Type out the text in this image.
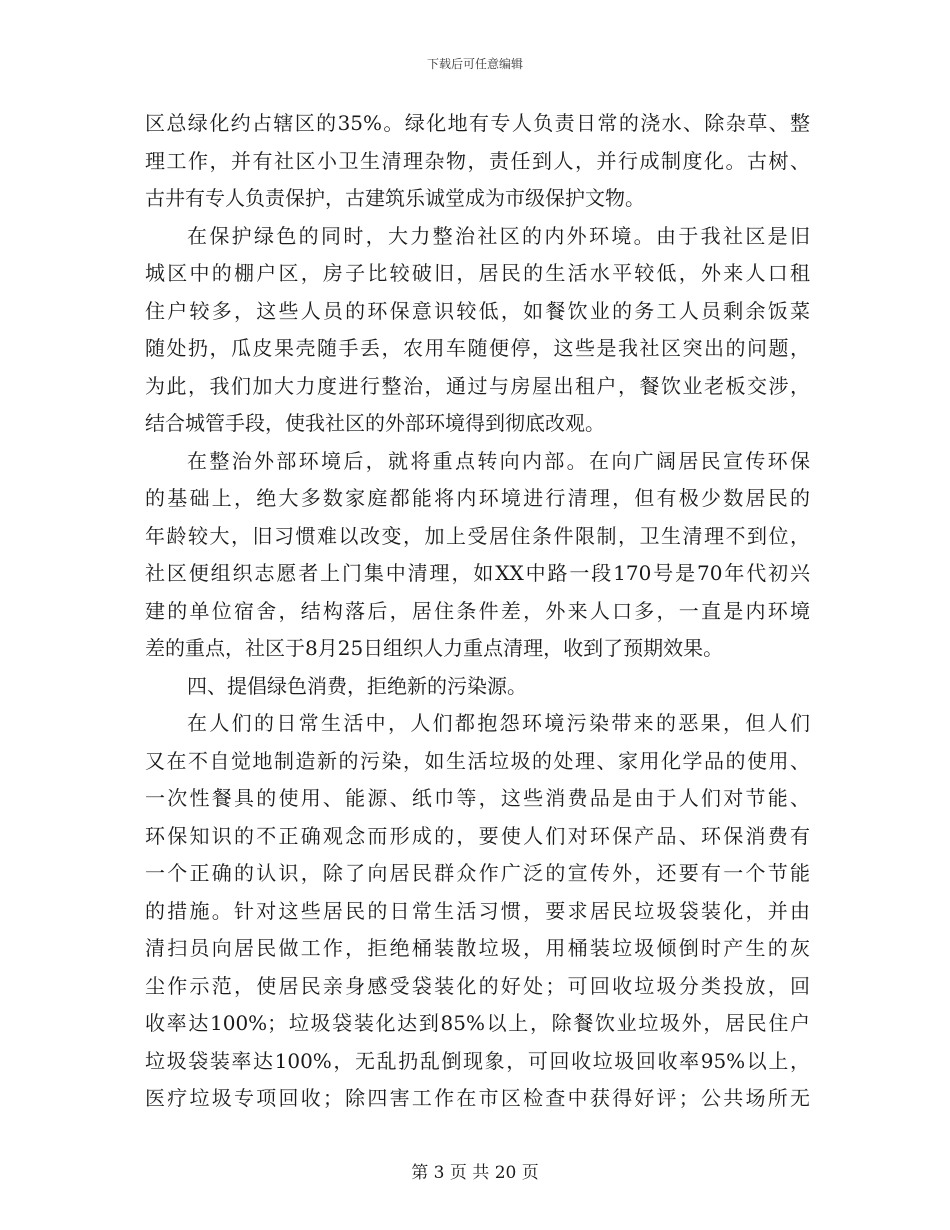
下载后可任意编辑
区总绿化约占辖区的35%。绿化地有专人负责日常的浇水、除杂草、整
理工作，并有社区小卫生清理杂物，责任到人，并行成制度化。古树、
古井有专人负责保护，古建筑乐诚堂成为市级保护文物。
在保护绿色的同时，大力整治社区的内外环境。由于我社区是旧
城区中的棚户区，房子比较破旧，居民的生活水平较低，外来人口租
住户较多，这些人员的环保意识较低，如餐饮业的务工人员剩余饭菜
随处扔，瓜皮果壳随手丢，农用车随便停，这些是我社区突出的问题，
为此，我们加大力度进行整治，通过与房屋出租户，餐饮业老板交涉，
结合城管手段，使我社区的外部环境得到彻底改观。
在整治外部环境后，就将重点转向内部。在向广阔居民宣传环保
的基础上，绝大多数家庭都能将内环境进行清理，但有极少数居民的
年龄较大，旧习惯难以改变，加上受居住条件限制，卫生清理不到位，
社区便组织志愿者上门集中清理，如XX中路一段170号是70年代初兴
建的单位宿舍，结构落后，居住条件差，外来人口多，一直是内环境
差的重点，社区于8月25日组织人力重点清理，收到了预期效果。
四、提倡绿色消费，拒绝新的污染源。
在人们的日常生活中，人们都抱怨环境污染带来的恶果，但人们
又在不自觉地制造新的污染，如生活垃圾的处理、家用化学品的使用、
一次性餐具的使用、能源、纸巾等，这些消费品是由于人们对节能、
环保知识的不正确观念而形成的，要使人们对环保产品、环保消费有
一个正确的认识，除了向居民群众作广泛的宣传外，还要有一个节能
的措施。针对这些居民的日常生活习惯，要求居民垃圾袋装化，并由
清扫员向居民做工作，拒绝桶装散垃圾，用桶装垃圾倾倒时产生的灰
尘作示范，使居民亲身感受袋装化的好处；可回收垃圾分类投放，回
收率达100%；垃圾袋装化达到85%以上，除餐饮业垃圾外，居民住户
垃圾袋装率达100%，无乱扔乱倒现象，可回收垃圾回收率95%以上，
医疗垃圾专项回收；除四害工作在市区检查中获得好评；公共场所无
第 3 页 共 20 页
